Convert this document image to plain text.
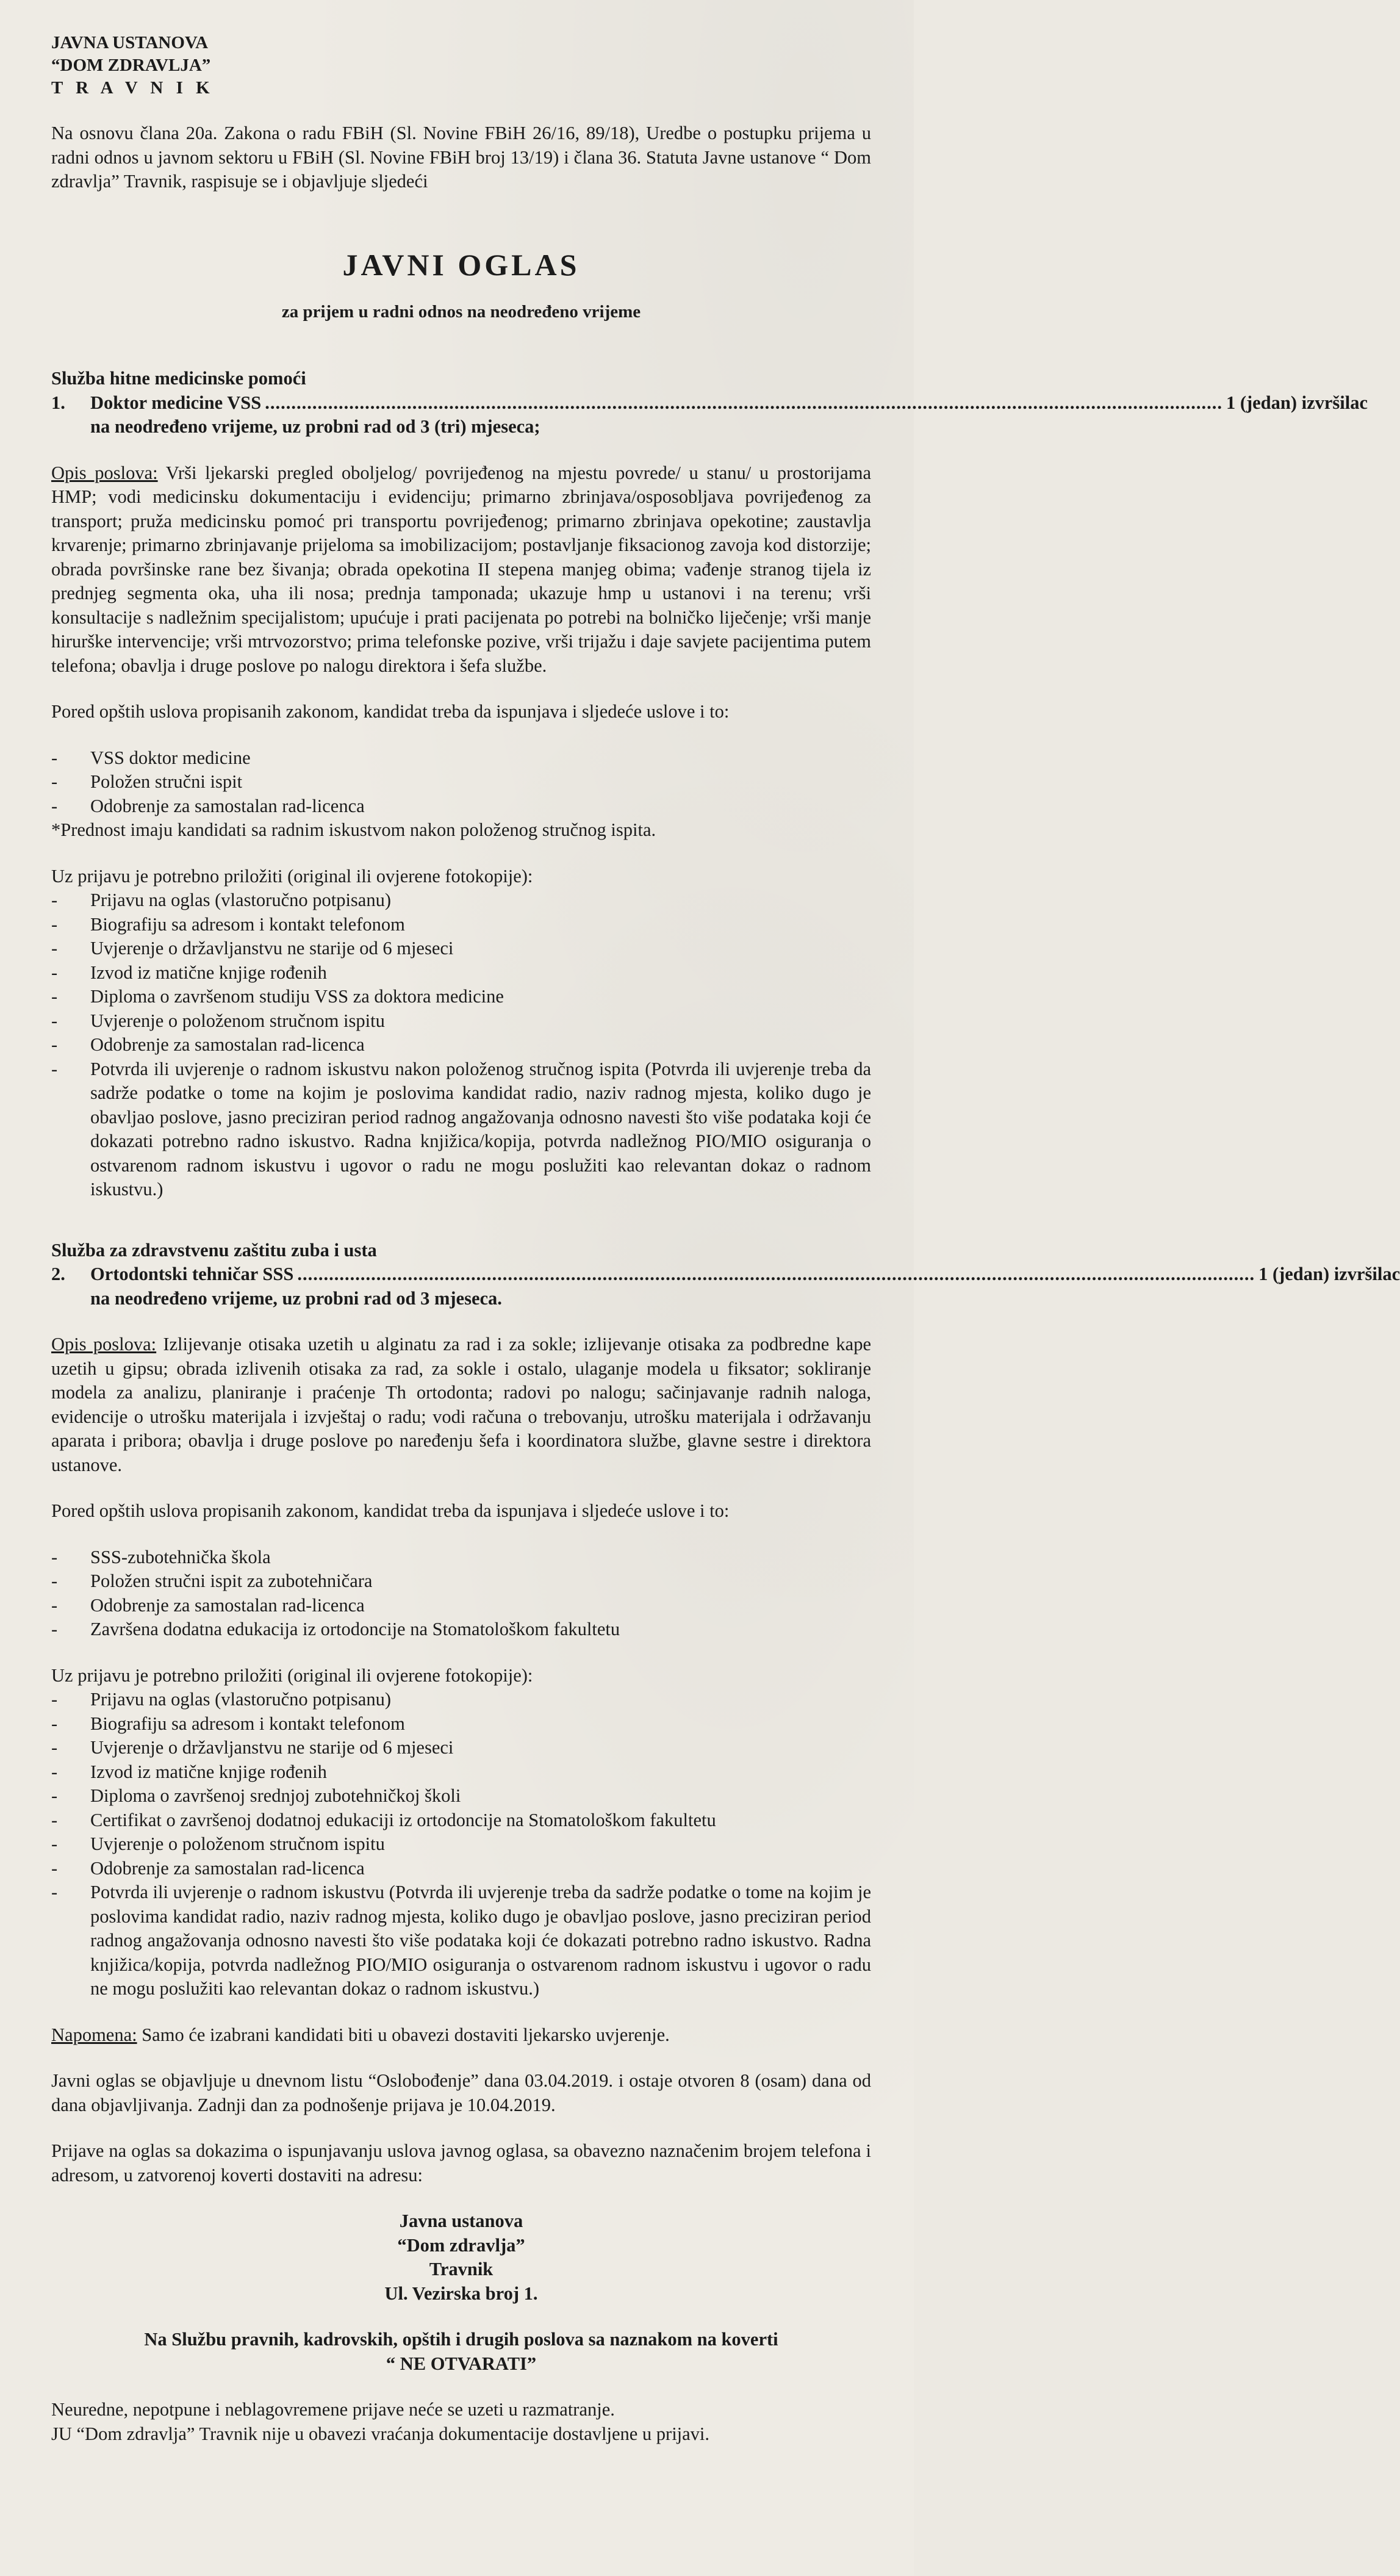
JAVNA USTANOVA
“DOM ZDRAVLJA”
T R A V N I K

Na osnovu člana 20a. Zakona o radu FBiH (Sl. Novine FBiH 26/16, 89/18), Uredbe o postupku prijema u radni odnos u javnom sektoru u FBiH (Sl. Novine FBiH broj 13/19) i člana 36. Statuta Javne ustanove “ Dom zdravlja” Travnik, raspisuje se i objavljuje sljedeći

JAVNI OGLAS

za prijem u radni odnos na neodređeno vrijeme

Služba hitne medicinske pomoći

1.	Doktor medicine VSS .....	1 (jedan) izvršilac
na neodređeno vrijeme, uz probni rad od 3 (tri) mjeseca;

Opis poslova: Vrši ljekarski pregled oboljelog/ povrijeđenog na mjestu povrede/ u stanu/ u prostorijama HMP; vodi medicinsku dokumentaciju i evidenciju; primarno zbrinjava/osposobljava povrijeđenog za transport; pruža medicinsku pomoć pri transportu povrijeđenog; primarno zbrinjava opekotine; zaustavlja krvarenje; primarno zbrinjavanje prijeloma sa imobilizacijom; postavljanje fiksacionog zavoja kod distorzije; obrada površinske rane bez šivanja; obrada opekotina II stepena manjeg obima; vađenje stranog tijela iz prednjeg segmenta oka, uha ili nosa; prednja tamponada; ukazuje hmp u ustanovi i na terenu; vrši konsultacije s nadležnim specijalistom; upućuje i prati pacijenata po potrebi na bolničko liječenje; vrši manje hirurške intervencije; vrši mtrvozorstvo; prima telefonske pozive, vrši trijažu i daje savjete pacijentima putem telefona; obavlja i druge poslove po nalogu direktora i šefa službe.

Pored opštih uslova propisanih zakonom, kandidat treba da ispunjava i sljedeće uslove i to:

- VSS doktor medicine
- Položen stručni ispit
- Odobrenje za samostalan rad-licenca

*Prednost imaju kandidati sa radnim iskustvom nakon položenog stručnog ispita.

Uz prijavu je potrebno priložiti (original ili ovjerene fotokopije):

- Prijavu na oglas (vlastoručno potpisanu)
- Biografiju sa adresom i kontakt telefonom
- Uvjerenje o državljanstvu ne starije od 6 mjeseci
- Izvod iz matične knjige rođenih
- Diploma o završenom studiju VSS za doktora medicine
- Uvjerenje o položenom stručnom ispitu
- Odobrenje za samostalan rad-licenca
- Potvrda ili uvjerenje o radnom iskustvu nakon položenog stručnog ispita (Potvrda ili uvjerenje treba da sadrže podatke o tome na kojim je poslovima kandidat radio, naziv radnog mjesta, koliko dugo je obavljao poslove, jasno preciziran period radnog angažovanja odnosno navesti što više podataka koji će dokazati potrebno radno iskustvo. Radna knjižica/kopija, potvrda nadležnog PIO/MIO osiguranja o ostvarenom radnom iskustvu i ugovor o radu ne mogu poslužiti kao relevantan dokaz o radnom iskustvu.)

Služba za zdravstvenu zaštitu zuba i usta

2.	Ortodontski tehničar SSS .....	1 (jedan) izvršilac
na neodređeno vrijeme, uz probni rad od 3 mjeseca.

Opis poslova: Izlijevanje otisaka uzetih u alginatu za rad i za sokle; izlijevanje otisaka za podbredne kape uzetih u gipsu; obrada izlivenih otisaka za rad, za sokle i ostalo, ulaganje modela u fiksator; sokliranje modela za analizu, planiranje i praćenje Th ortodonta; radovi po nalogu; sačinjavanje radnih naloga, evidencije o utrošku materijala i izvještaj o radu; vodi računa o trebovanju, utrošku materijala i održavanju aparata i pribora; obavlja i druge poslove po naređenju šefa i koordinatora službe, glavne sestre i direktora ustanove.

Pored opštih uslova propisanih zakonom, kandidat treba da ispunjava i sljedeće uslove i to:

- SSS-zubotehnička škola
- Položen stručni ispit za zubotehničara
- Odobrenje za samostalan rad-licenca
- Završena dodatna edukacija iz ortodoncije na Stomatološkom fakultetu

Uz prijavu je potrebno priložiti (original ili ovjerene fotokopije):

- Prijavu na oglas (vlastoručno potpisanu)
- Biografiju sa adresom i kontakt telefonom
- Uvjerenje o državljanstvu ne starije od 6 mjeseci
- Izvod iz matične knjige rođenih
- Diploma o završenoj srednjoj zubotehničkoj školi
- Certifikat o završenoj dodatnoj edukaciji iz ortodoncije na Stomatološkom fakultetu
- Uvjerenje o položenom stručnom ispitu
- Odobrenje za samostalan rad-licenca
- Potvrda ili uvjerenje o radnom iskustvu (Potvrda ili uvjerenje treba da sadrže podatke o tome na kojim je poslovima kandidat radio, naziv radnog mjesta, koliko dugo je obavljao poslove, jasno preciziran period radnog angažovanja odnosno navesti što više podataka koji će dokazati potrebno radno iskustvo. Radna knjižica/kopija, potvrda nadležnog PIO/MIO osiguranja o ostvarenom radnom iskustvu i ugovor o radu ne mogu poslužiti kao relevantan dokaz o radnom iskustvu.)

Napomena: Samo će izabrani kandidati biti u obavezi dostaviti ljekarsko uvjerenje.

Javni oglas se objavljuje u dnevnom listu “Oslobođenje” dana 03.04.2019. i ostaje otvoren 8 (osam) dana od dana objavljivanja. Zadnji dan za podnošenje prijava je 10.04.2019.

Prijave na oglas sa dokazima o ispunjavanju uslova javnog oglasa, sa obavezno naznačenim brojem telefona i adresom, u zatvorenoj koverti dostaviti na adresu:

Javna ustanova
“Dom zdravlja”
Travnik
Ul. Vezirska broj 1.
Na Službu pravnih, kadrovskih, opštih i drugih poslova sa naznakom na koverti
“ NE OTVARATI”

Neuredne, nepotpune i neblagovremene prijave neće se uzeti u razmatranje.

JU “Dom zdravlja” Travnik nije u obavezi vraćanja dokumentacije dostavljene u prijavi.
